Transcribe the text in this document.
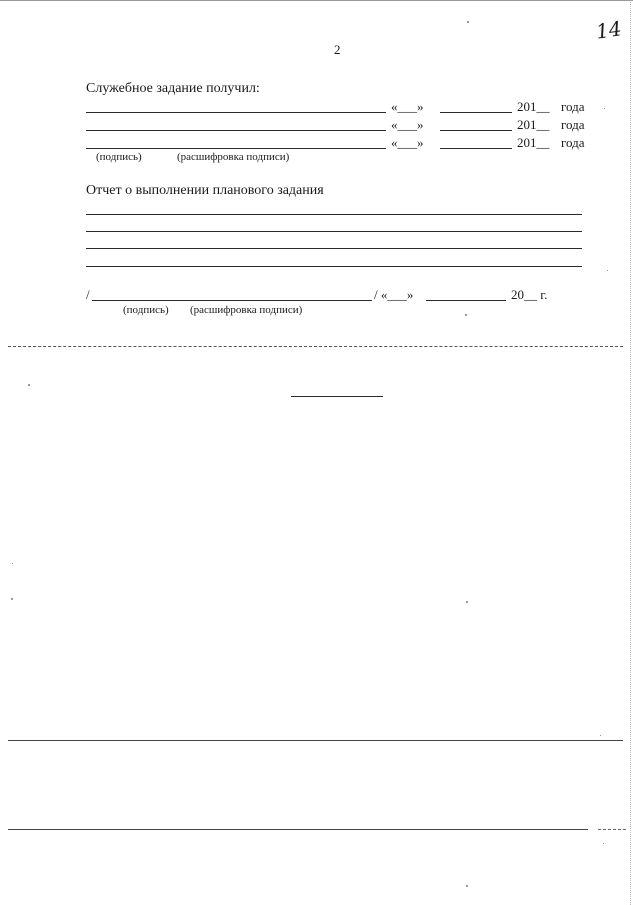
2
14
Служебное задание получил:
«___»	201__ года
«___»	201__ года
«___»	201__ года
(подпись)	(расшифровка подписи)
Отчет о выполнении планового задания
/	/ «___»	20__ г.
(подпись) (расшифровка подписи)
